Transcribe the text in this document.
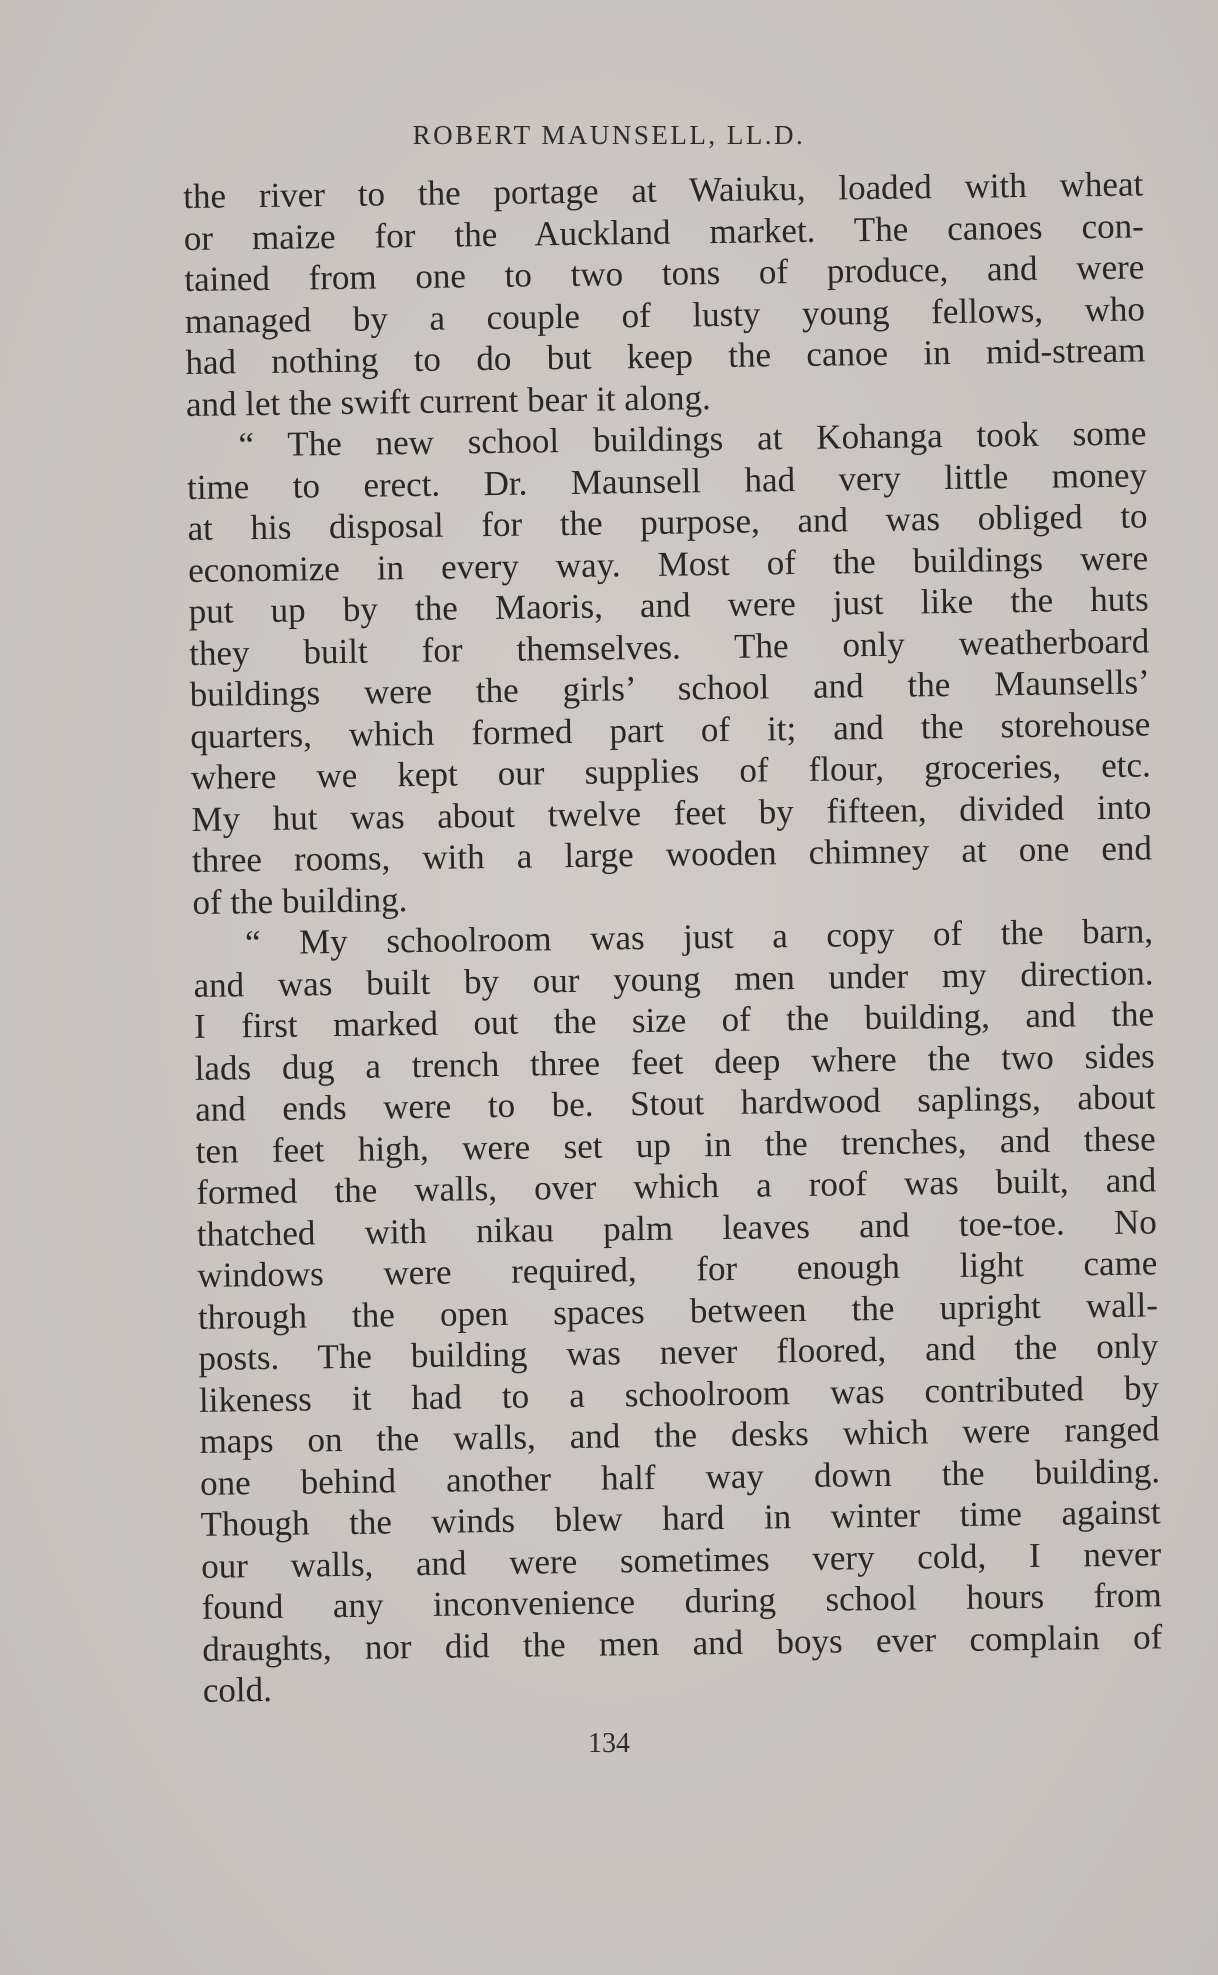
ROBERT MAUNSELL, LL.D.
the river to the portage at Waiuku, loaded with wheat
or maize for the Auckland market. The canoes con-
tained from one to two tons of produce, and were
managed by a couple of lusty young fellows, who
had nothing to do but keep the canoe in mid-stream
and let the swift current bear it along.
“ The new school buildings at Kohanga took some
time to erect. Dr. Maunsell had very little money
at his disposal for the purpose, and was obliged to
economize in every way. Most of the buildings were
put up by the Maoris, and were just like the huts
they built for themselves. The only weatherboard
buildings were the girls’ school and the Maunsells’
quarters, which formed part of it; and the storehouse
where we kept our supplies of flour, groceries, etc.
My hut was about twelve feet by fifteen, divided into
three rooms, with a large wooden chimney at one end
of the building.
“ My schoolroom was just a copy of the barn,
and was built by our young men under my direction.
I first marked out the size of the building, and the
lads dug a trench three feet deep where the two sides
and ends were to be. Stout hardwood saplings, about
ten feet high, were set up in the trenches, and these
formed the walls, over which a roof was built, and
thatched with nikau palm leaves and toe-toe. No
windows were required, for enough light came
through the open spaces between the upright wall-
posts. The building was never floored, and the only
likeness it had to a schoolroom was contributed by
maps on the walls, and the desks which were ranged
one behind another half way down the building.
Though the winds blew hard in winter time against
our walls, and were sometimes very cold, I never
found any inconvenience during school hours from
draughts, nor did the men and boys ever complain of
cold.
134
